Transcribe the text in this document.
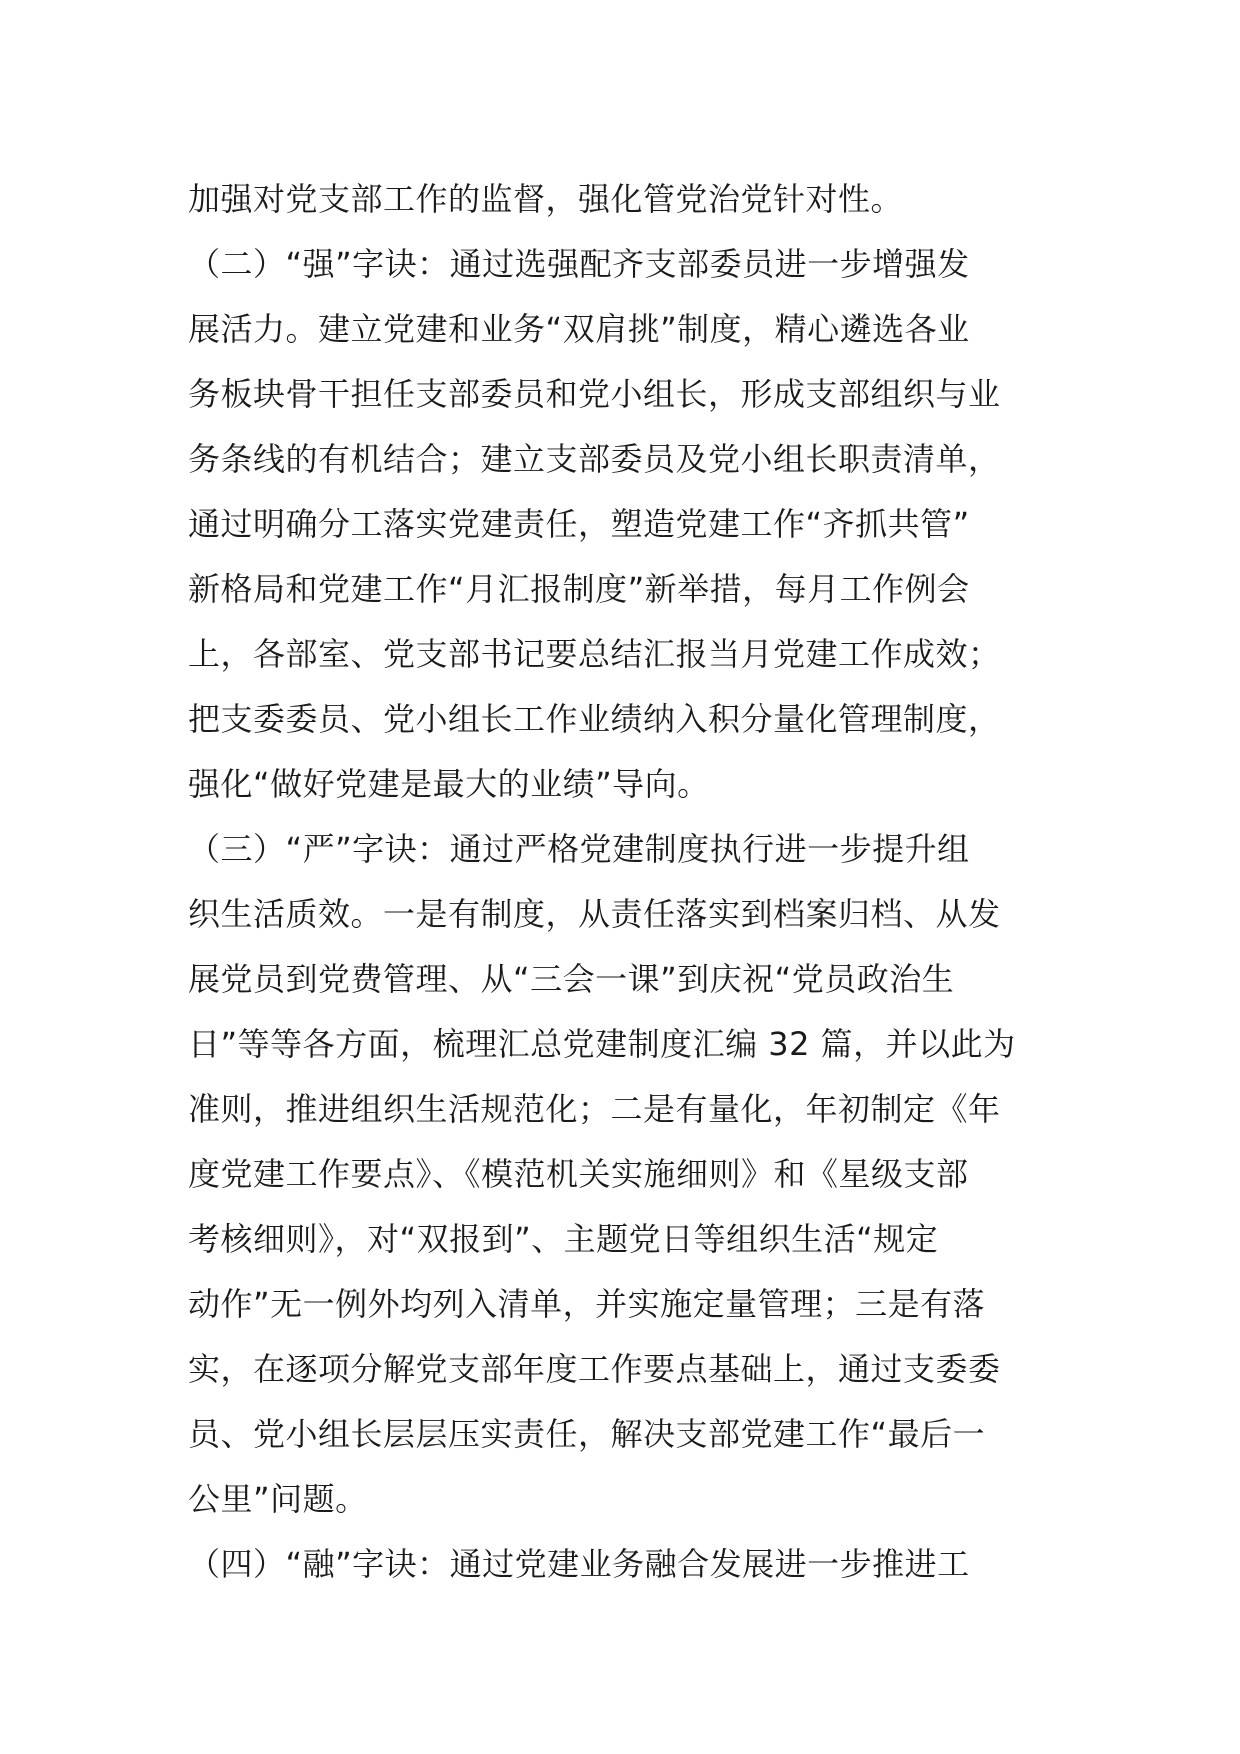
加强对党支部工作的监督，强化管党治党针对性。
（二）“强”字诀：通过选强配齐支部委员进一步增强发
展活力。建立党建和业务“双肩挑”制度，精心遴选各业
务板块骨干担任支部委员和党小组长，形成支部组织与业
务条线的有机结合；建立支部委员及党小组长职责清单，
通过明确分工落实党建责任，塑造党建工作“齐抓共管”
新格局和党建工作“月汇报制度”新举措，每月工作例会
上，各部室、党支部书记要总结汇报当月党建工作成效；
把支委委员、党小组长工作业绩纳入积分量化管理制度，
强化“做好党建是最大的业绩”导向。
（三）“严”字诀：通过严格党建制度执行进一步提升组
织生活质效。一是有制度，从责任落实到档案归档、从发
展党员到党费管理、从“三会一课”到庆祝“党员政治生
日”等等各方面，梳理汇总党建制度汇编 32 篇，并以此为
准则，推进组织生活规范化；二是有量化，年初制定《年
度党建工作要点》、《模范机关实施细则》和《星级支部
考核细则》，对“双报到”、主题党日等组织生活“规定
动作”无一例外均列入清单，并实施定量管理；三是有落
实，在逐项分解党支部年度工作要点基础上，通过支委委
员、党小组长层层压实责任，解决支部党建工作“最后一
公里”问题。
（四）“融”字诀：通过党建业务融合发展进一步推进工
